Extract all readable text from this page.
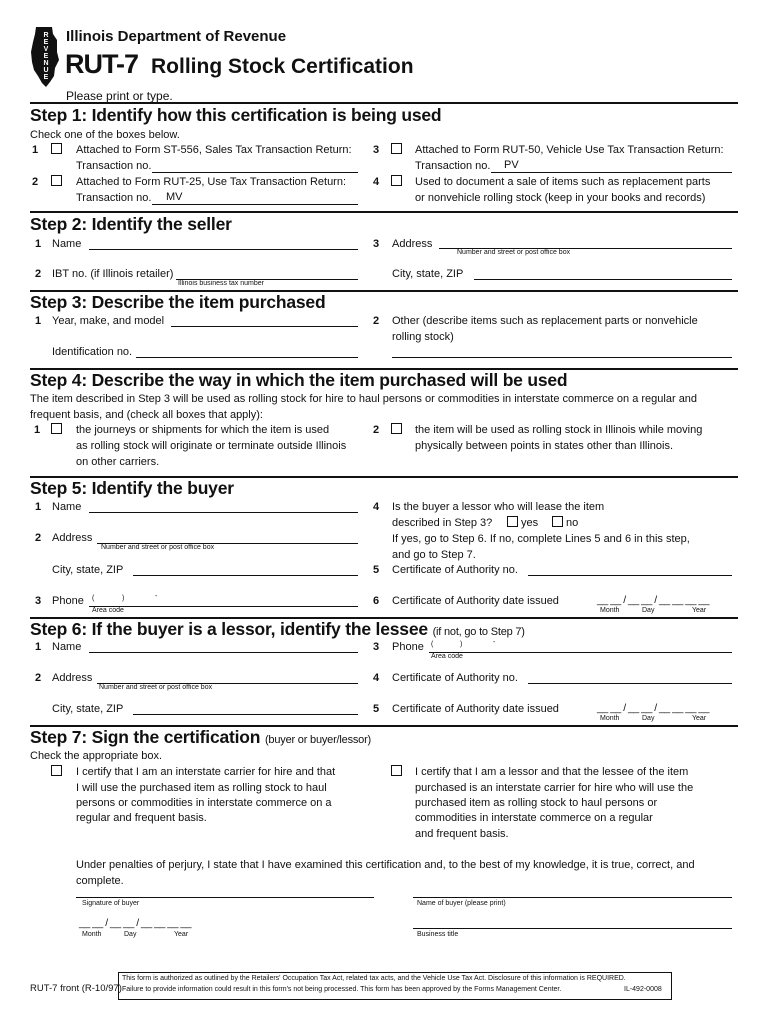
R
E
V
E
N
U
E
Illinois Department of Revenue
RUT-7 Rolling Stock Certification
Please print or type.
Step 1: Identify how this certification is being used
Check one of the boxes below.
1	Attached to Form ST-556, Sales Tax Transaction Return:
Transaction no.
2	Attached to Form RUT-25, Use Tax Transaction Return:
Transaction no. MV
3	Attached to Form RUT-50, Vehicle Use Tax Transaction Return:
Transaction no. PV
4	Used to document a sale of items such as replacement parts
or nonvehicle rolling stock (keep in your books and records)
Step 2: Identify the seller
1 Name
2 IBT no. (if Illinois retailer)
Illinois business tax number
3 Address
Number and street or post office box
City, state, ZIP
Step 3: Describe the item purchased
1 Year, make, and model
Identification no.
2 Other (describe items such as replacement parts or nonvehicle
rolling stock)
Step 4: Describe the way in which the item purchased will be used
The item described in Step 3 will be used as rolling stock for hire to haul persons or commodities in interstate commerce on a regular and
frequent basis, and (check all boxes that apply):
1	the journeys or shipments for which the item is used
as rolling stock will originate or terminate outside Illinois
on other carriers.
2	the item will be used as rolling stock in Illinois while moving
physically between points in states other than Illinois.
Step 5: Identify the buyer
1 Name
2 Address
Number and street or post office box
City, state, ZIP
3 Phone (	)	-
Area code
4 Is the buyer a lessor who will lease the item
described in Step 3?	yes	no
If yes, go to Step 6. If no, complete Lines 5 and 6 in this step,
and go to Step 7.
5 Certificate of Authority no.
6 Certificate of Authority date issued	__ __ / __ __ / __ __ __ __
Month	Day	Year
Step 6: If the buyer is a lessor, identify the lessee (if not, go to Step 7)
1 Name
2 Address
Number and street or post office box
City, state, ZIP
3 Phone (	)	-
Area code
4 Certificate of Authority no.
5 Certificate of Authority date issued	__ __ / __ __ / __ __ __ __
Month	Day	Year
Step 7: Sign the certification (buyer or buyer/lessor)
Check the appropriate box.
I certify that I am an interstate carrier for hire and that
I will use the purchased item as rolling stock to haul
persons or commodities in interstate commerce on a
regular and frequent basis.
I certify that I am a lessor and that the lessee of the item
purchased is an interstate carrier for hire who will use the
purchased item as rolling stock to haul persons or
commodities in interstate commerce on a regular
and frequent basis.
Under penalties of perjury, I state that I have examined this certification and, to the best of my knowledge, it is true, correct, and
complete.
Signature of buyer	Name of buyer (please print)
__ __ / __ __ / __ __ __ __
Month	Day	Year	Business title
RUT-7 front (R-10/97)
This form is authorized as outlined by the Retailers' Occupation Tax Act, related tax acts, and the Vehicle Use Tax Act. Disclosure of this information is REQUIRED.
Failure to provide information could result in this form's not being processed. This form has been approved by the Forms Management Center.	IL-492-0008
